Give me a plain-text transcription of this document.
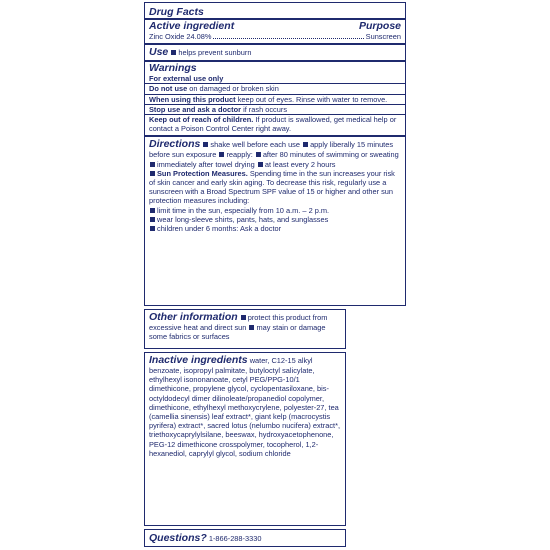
Drug Facts
Active ingredient	Purpose
Zinc Oxide 24.08%	Sunscreen
Use helps prevent sunburn
Warnings

For external use only

Do not use on damaged or broken skin

When using this product keep out of eyes. Rinse with water to remove.

Stop use and ask a doctor if rash occurs

Keep out of reach of children. If product is swallowed, get medical help or contact a Poison Control Center right away.

Directions shake well before each use apply liberally 15 minutes before sun exposure reapply: after 80 minutes of swimming or sweating immediately after towel drying at least every 2 hours

Sun Protection Measures. Spending time in the sun increases your risk of skin cancer and early skin aging. To decrease this risk, regularly use a sunscreen with a Broad Spectrum SPF value of 15 or higher and other sun protection measures including:

limit time in the sun, especially from 10 a.m. – 2 p.m.

wear long-sleeve shirts, pants, hats, and sunglasses

children under 6 months: Ask a doctor

Other information protect this product from excessive heat and direct sun may stain or damage some fabrics or surfaces

Inactive ingredients water, C12-15 alkyl benzoate, isopropyl palmitate, butyloctyl salicylate, ethylhexyl isononanoate, cetyl PEG/PPG-10/1 dimethicone, propylene glycol, cyclopentasiloxane, bis-octyldodecyl dimer dilinoleate/propanediol copolymer, dimethicone, ethylhexyl methoxycrylene, polyester-27, tea (camellia sinensis) leaf extract*, giant kelp (macrocystis pyrifera) extract*, sacred lotus (nelumbo nucifera) extract*, triethoxycaprylylsilane, beeswax, hydroxyacetophenone, PEG-12 dimethicone crosspolymer, tocopherol, 1,2-hexanediol, caprylyl glycol, sodium chloride

Questions? 1-866-288-3330
